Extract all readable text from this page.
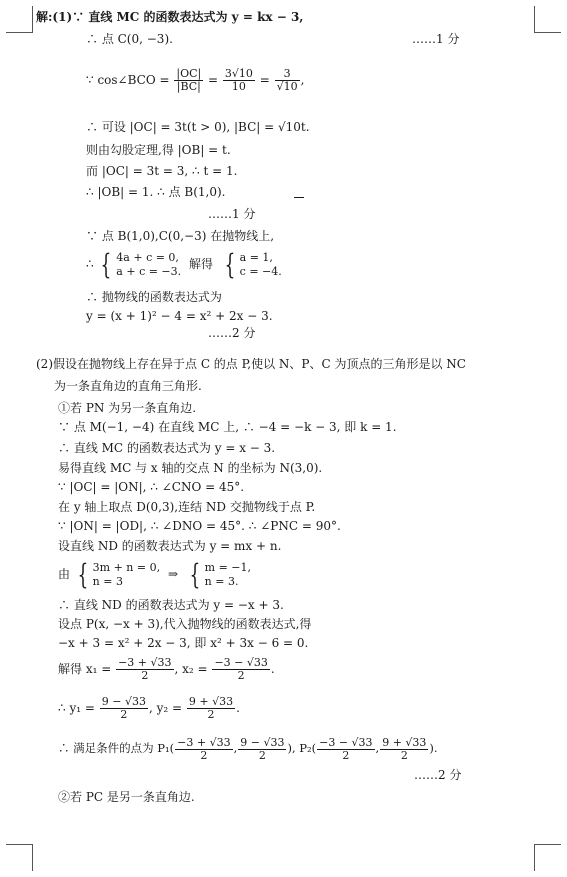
解:(1)∵ 直线 MC 的函数表达式为 y = kx − 3,
∴ 点 C(0, −3).	……1 分
∵ cos∠BCO = $\frac{|OC|}{|BC|} = \frac{3√10}{10} = \frac{3}{√10}$ ,
∴ 可设 |OC| = 3t(t > 0), |BC| = √10t.
则由勾股定理,得 |OB| = t.
而 |OC| = 3t = 3, ∴ t = 1.
∴ |OB| = 1. ∴ 点 B(1,0).
……1 分
∵ 点 B(1,0),C(0,−3) 在抛物线上,
∴ { 4a + c = 0,
a + c = −3. 解得 { a = 1,
c = −4.
∴ 抛物线的函数表达式为
y = (x + 1)² − 4 = x² + 2x − 3.
……2 分
(2)假设在抛物线上存在异于点 C 的点 P,使以 N、P、C 为顶点的三角形是以 NC
为一条直角边的直角三角形.
①若 PN 为另一条直角边.
∵ 点 M(−1, −4) 在直线 MC 上, ∴ −4 = −k − 3, 即 k = 1.
∴ 直线 MC 的函数表达式为 y = x − 3.
易得直线 MC 与 x 轴的交点 N 的坐标为 N(3,0).
∵ |OC| = |ON|, ∴ ∠CNO = 45°.
在 y 轴上取点 D(0,3),连结 ND 交抛物线于点 P.
∵ |ON| = |OD|, ∴ ∠DNO = 45°. ∴ ∠PNC = 90°.
设直线 ND 的函数表达式为 y = mx + n.
由 { 3m + n = 0,
n = 3	⇒ { m = −1,
n = 3.
∴ 直线 ND 的函数表达式为 y = −x + 3.
设点 P(x, −x + 3),代入抛物线的函数表达式,得
−x + 3 = x² + 2x − 3, 即 x² + 3x − 6 = 0.
解得 $x_1 = \frac{-3 + √33}{2}$ , $x_2 = \frac{-3 - √33}{2}$ .
∴ $y_1 = \frac{9 - √33}{2}$ , $y_2 = \frac{9 + √33}{2}$ .
∴ 满足条件的点为 $P_1( \frac{-3 + √33}{2}$ , $\frac{9 - √33}{2}$ ), $P_2( \frac{-3 - √33}{2}$ , $\frac{9 + √33}{2}$ ).
……2 分
②若 PC 是另一条直角边.
